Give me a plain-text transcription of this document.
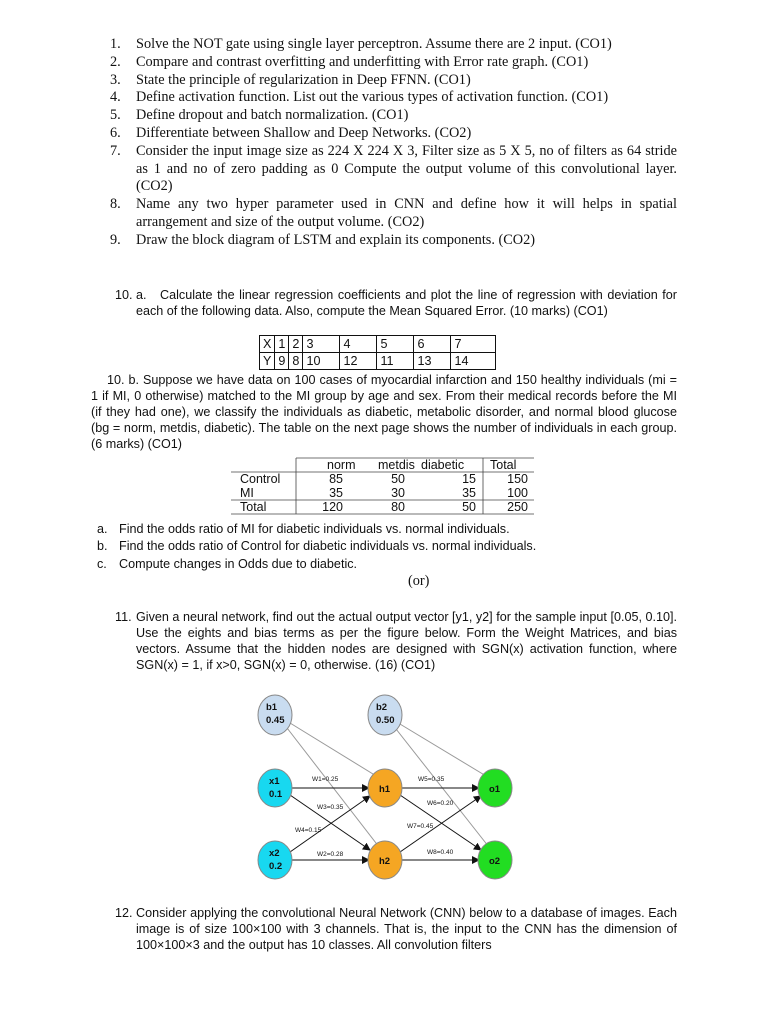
1. Solve the NOT gate using single layer perceptron. Assume there are 2 input. (CO1)
2. Compare and contrast overfitting and underfitting with Error rate graph. (CO1)
3. State the principle of regularization in Deep FFNN. (CO1)
4. Define activation function. List out the various types of activation function. (CO1)
5. Define dropout and batch normalization. (CO1)
6. Differentiate between Shallow and Deep Networks. (CO2)
7. Consider the input image size as 224 X 224 X 3, Filter size as 5 X 5, no of filters as 64 stride as 1 and no of zero padding as 0 Compute the output volume of this convolutional layer. (CO2)
8. Name any two hyper parameter used in CNN and define how it will helps in spatial arrangement and size of the output volume. (CO2)
9. Draw the block diagram of LSTM and explain its components. (CO2)
10. a.	Calculate the linear regression coefficients and plot the line of regression with deviation for each of the following data. Also, compute the Mean Squared Error. (10 marks) (CO1)
X	1	2	3	4	5	6	7
Y	9	8	10	12	11	13	14
10. b. Suppose we have data on 100 cases of myocardial infarction and 150 healthy individuals (mi = 1 if MI, 0 otherwise) matched to the MI group by age and sex. From their medical records before the MI (if they had one), we classify the individuals as diabetic, metabolic disorder, and normal blood glucose (bg = norm, metdis, diabetic). The table on the next page shows the number of individuals in each group. (6 marks) (CO1)
norm metdis diabetic Total
Control	85	50	15 150
MI	35	30	35 100
Total	120	80	50 250
a. Find the odds ratio of MI for diabetic individuals vs. normal individuals.
b. Find the odds ratio of Control for diabetic individuals vs. normal individuals.
c. Compute changes in Odds due to diabetic.
(or)
11. Given a neural network, find out the actual output vector [y1, y2] for the sample input [0.05, 0.10]. Use the eights and bias terms as per the figure below. Form the Weight Matrices, and bias vectors. Assume that the hidden nodes are designed with SGN(x) activation function, where SGN(x) = 1, if x>0, SGN(x) = 0, otherwise. (16) (CO1)
b1
0.45
b2
0.50
x1
0.1
x2
0.2
h1
h2
o1
o2
W1=0.25
W3=0.35
W4=0.15
W2=0.28
W5=0.35
W6=0.20
W7=0.45
W8=0.40
12. Consider applying the convolutional Neural Network (CNN) below to a database of images. Each image is of size 100×100 with 3 channels. That is, the input to the CNN has the dimension of 100×100×3 and the output has 10 classes. All convolution filters
